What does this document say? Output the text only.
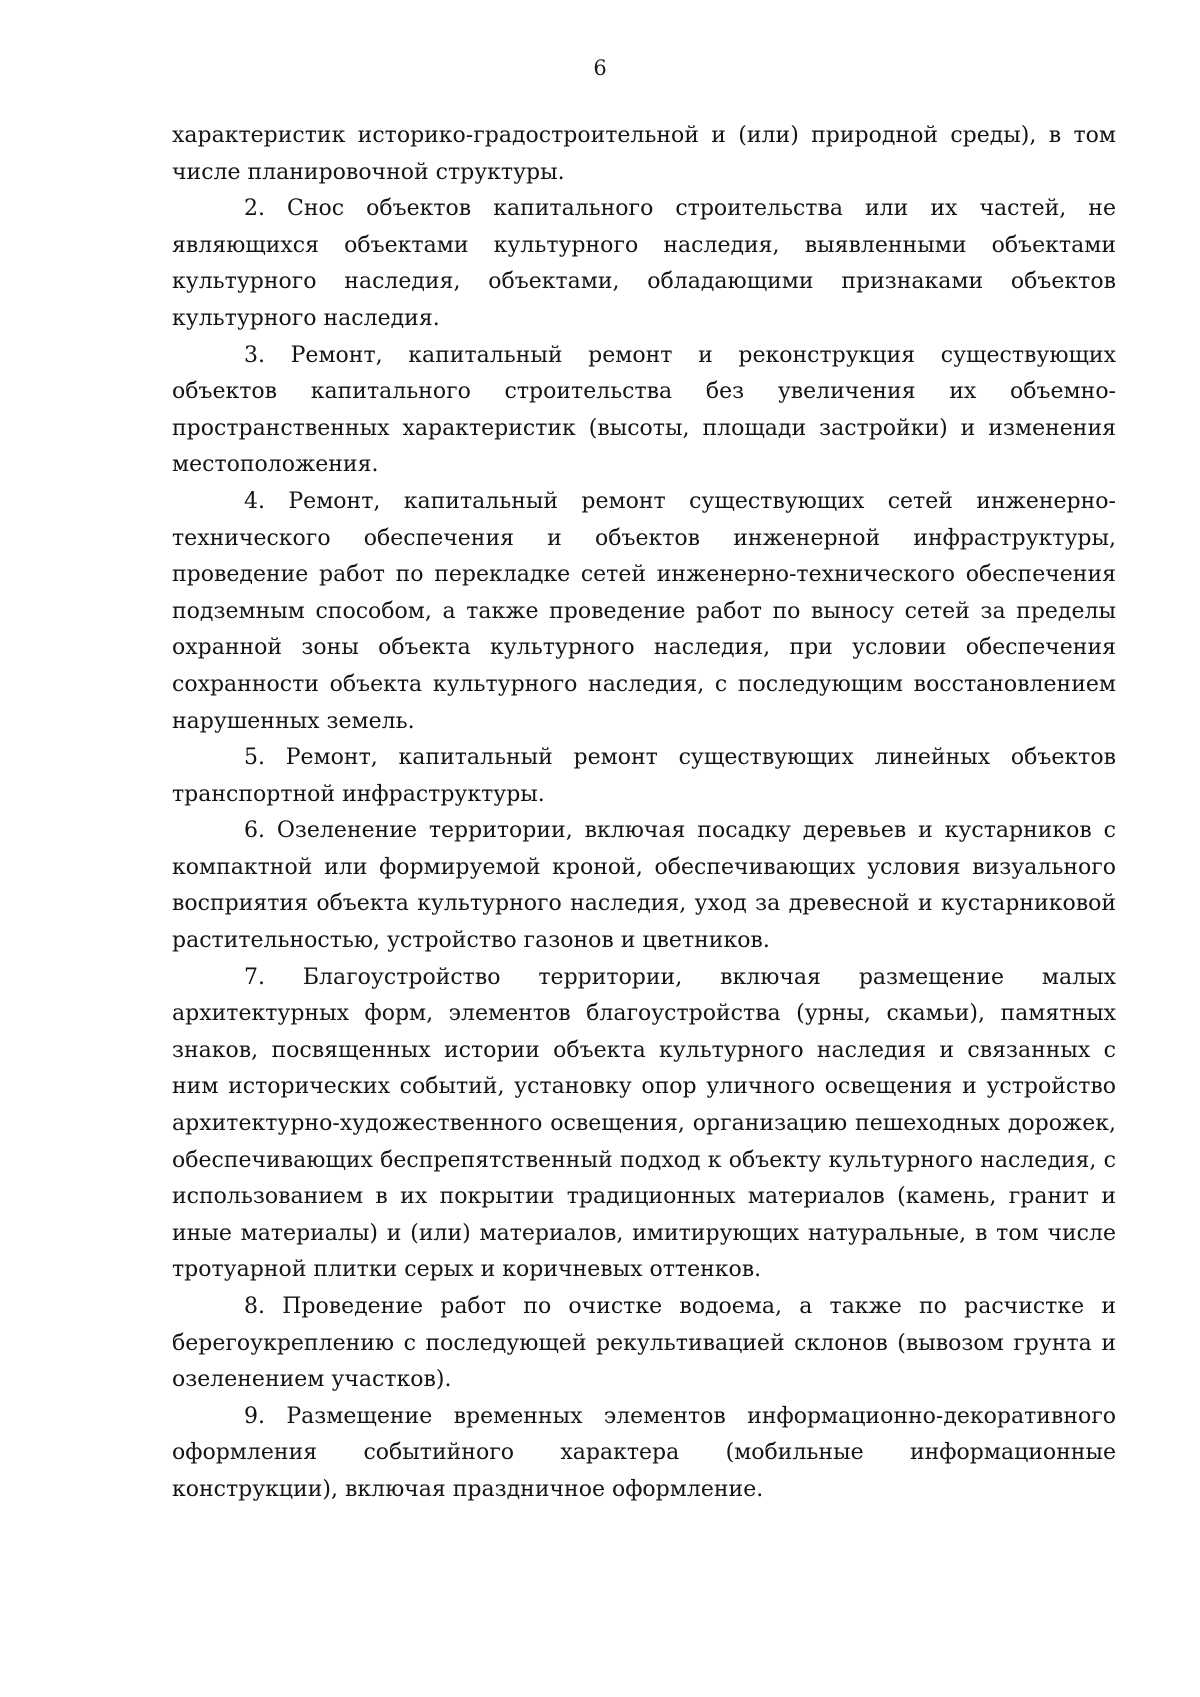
6

характеристик историко-градостроительной и (или) природной среды), в том числе планировочной структуры.

2. Снос объектов капитального строительства или их частей, не являющихся объектами культурного наследия, выявленными объектами культурного наследия, объектами, обладающими признаками объектов культурного наследия.

3. Ремонт, капитальный ремонт и реконструкция существующих объектов капитального строительства без увеличения их объемно-пространственных характеристик (высоты, площади застройки) и изменения местоположения.

4. Ремонт, капитальный ремонт существующих сетей инженерно-технического обеспечения и объектов инженерной инфраструктуры, проведение работ по перекладке сетей инженерно-технического обеспечения подземным способом, а также проведение работ по выносу сетей за пределы охранной зоны объекта культурного наследия, при условии обеспечения сохранности объекта культурного наследия, с последующим восстановлением нарушенных земель.

5. Ремонт, капитальный ремонт существующих линейных объектов транспортной инфраструктуры.

6. Озеленение территории, включая посадку деревьев и кустарников с компактной или формируемой кроной, обеспечивающих условия визуального восприятия объекта культурного наследия, уход за древесной и кустарниковой растительностью, устройство газонов и цветников.

7. Благоустройство территории, включая размещение малых архитектурных форм, элементов благоустройства (урны, скамьи), памятных знаков, посвященных истории объекта культурного наследия и связанных с ним исторических событий, установку опор уличного освещения и устройство архитектурно-художественного освещения, организацию пешеходных дорожек, обеспечивающих беспрепятственный подход к объекту культурного наследия, с использованием в их покрытии традиционных материалов (камень, гранит и иные материалы) и (или) материалов, имитирующих натуральные, в том числе тротуарной плитки серых и коричневых оттенков.

8. Проведение работ по очистке водоема, а также по расчистке и берегоукреплению с последующей рекультивацией склонов (вывозом грунта и озеленением участков).

9. Размещение временных элементов информационно-декоративного оформления событийного характера (мобильные информационные конструкции), включая праздничное оформление.
